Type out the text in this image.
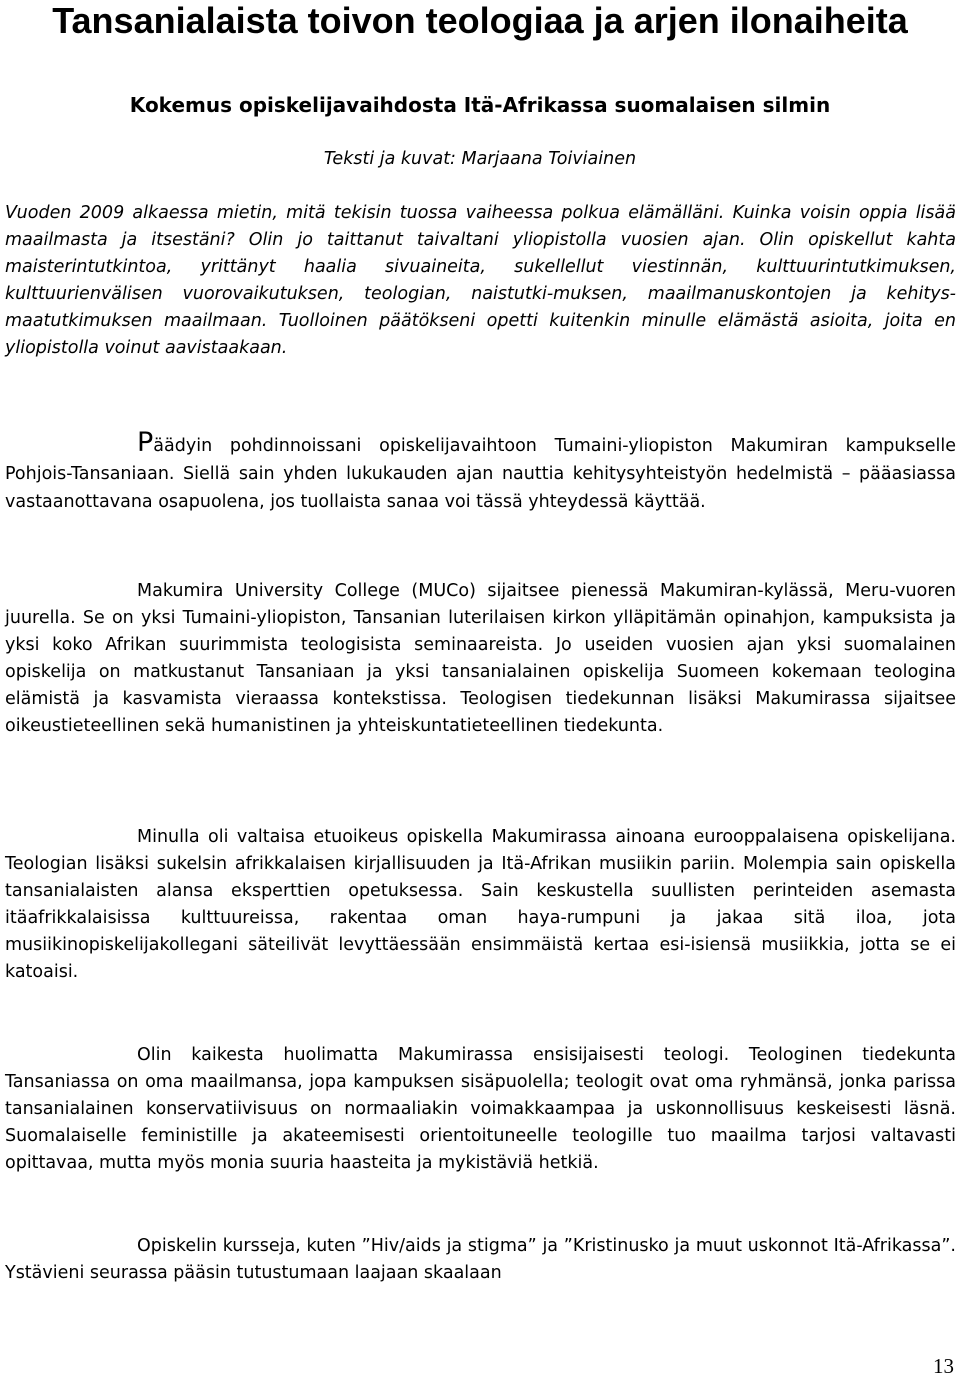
Tansanialaista toivon teologiaa ja arjen ilonaiheita
Kokemus opiskelijavaihdosta Itä-Afrikassa suomalaisen silmin

Teksti ja kuvat: Marjaana Toiviainen

Vuoden 2009 alkaessa mietin, mitä tekisin tuossa vaiheessa polkua elämälläni. Kuinka voisin oppia lisää maailmasta ja itsestäni? Olin jo taittanut taivaltani yliopistolla vuosien ajan. Olin opiskellut kahta maisterintutkintoa, yrittänyt haalia sivuaineita, sukellellut viestinnän, kulttuurintutkimuksen, kulttuurienvälisen vuorovaikutuksen, teologian, naistutki-muksen, maailmanuskontojen ja kehitys-maatutkimuksen maailmaan. Tuolloinen päätökseni opetti kuitenkin minulle elämästä asioita, joita en yliopistolla voinut aavistaakaan.

Päädyin pohdinnoissani opiskelijavaihtoon Tumaini-yliopiston Makumiran kampukselle Pohjois-Tansaniaan. Siellä sain yhden lukukauden ajan nauttia kehitysyhteistyön hedelmistä – pääasiassa vastaanottavana osapuolena, jos tuollaista sanaa voi tässä yhteydessä käyttää.

Makumira University College (MUCo) sijaitsee pienessä Makumiran-kylässä, Meru-vuoren juurella. Se on yksi Tumaini-yliopiston, Tansanian luterilaisen kirkon ylläpitämän opinahjon, kampuksista ja yksi koko Afrikan suurimmista teologisista seminaareista. Jo useiden vuosien ajan yksi suomalainen opiskelija on matkustanut Tansaniaan ja yksi tansanialainen opiskelija Suomeen kokemaan teologina elämistä ja kasvamista vieraassa kontekstissa. Teologisen tiedekunnan lisäksi Makumirassa sijaitsee oikeustieteellinen sekä humanistinen ja yhteiskuntatieteellinen tiedekunta.

Minulla oli valtaisa etuoikeus opiskella Makumirassa ainoana eurooppalaisena opiskelijana. Teologian lisäksi sukelsin afrikkalaisen kirjallisuuden ja Itä-Afrikan musiikin pariin. Molempia sain opiskella tansanialaisten alansa eksperttien opetuksessa. Sain keskustella suullisten perinteiden asemasta itäafrikkalaisissa kulttuureissa, rakentaa oman haya-rumpuni ja jakaa sitä iloa, jota musiikinopiskelijakollegani säteilivät levyttäessään ensimmäistä kertaa esi-isiensä musiikkia, jotta se ei katoaisi.

Olin kaikesta huolimatta Makumirassa ensisijaisesti teologi. Teologinen tiedekunta Tansaniassa on oma maailmansa, jopa kampuksen sisäpuolella; teologit ovat oma ryhmänsä, jonka parissa tansanialainen konservatiivisuus on normaaliakin voimakkaampaa ja uskonnollisuus keskeisesti läsnä. Suomalaiselle feministille ja akateemisesti orientoituneelle teologille tuo maailma tarjosi valtavasti opittavaa, mutta myös monia suuria haasteita ja mykistäviä hetkiä.

Opiskelin kursseja, kuten ”Hiv/aids ja stigma” ja ”Kristinusko ja muut uskonnot Itä-Afrikassa”. Ystävieni seurassa pääsin tutustumaan laajaan skaalaan

13
